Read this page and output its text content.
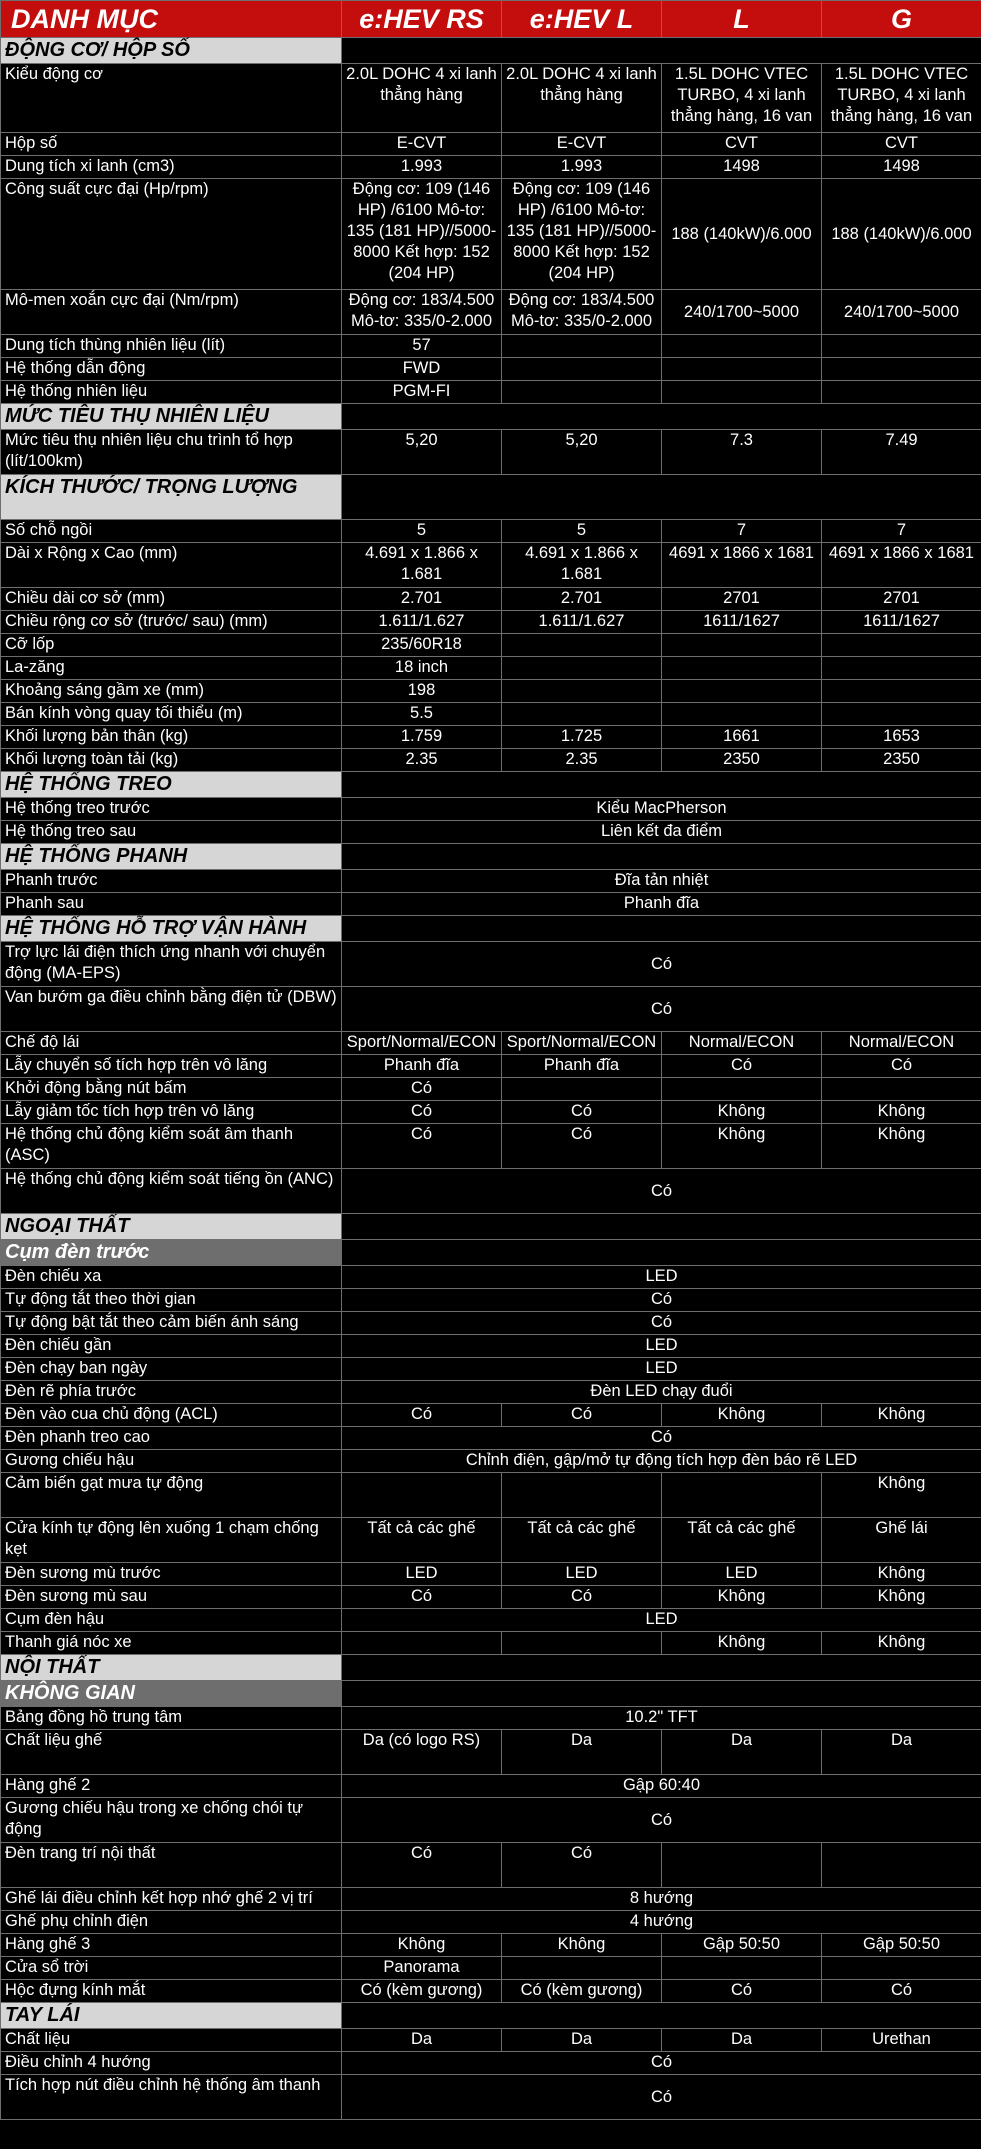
DANH MỤC	e:HEV RS	e:HEV L	L	G
ĐỘNG CƠ/ HỘP SỐ				
Kiểu động cơ	2.0L DOHC 4 xi lanh thẳng hàng	2.0L DOHC 4 xi lanh thẳng hàng	1.5L DOHC VTEC TURBO, 4 xi lanh thẳng hàng, 16 van	1.5L DOHC VTEC TURBO, 4 xi lanh thẳng hàng, 16 van
Hộp số	E-CVT	E-CVT	CVT	CVT
Dung tích xi lanh (cm3)	1.993	1.993	1498	1498
Công suất cực đại (Hp/rpm)	Động cơ: 109 (146 HP) /6100 Mô-tơ: 135 (181 HP)//5000-8000 Kết hợp: 152 (204 HP)	Động cơ: 109 (146 HP) /6100 Mô-tơ: 135 (181 HP)//5000-8000 Kết hợp: 152 (204 HP)	188 (140kW)/6.000	188 (140kW)/6.000
Mô-men xoắn cực đại (Nm/rpm)	Động cơ: 183/4.500 Mô-tơ: 335/0-2.000	Động cơ: 183/4.500 Mô-tơ: 335/0-2.000	240/1700~5000	240/1700~5000
Dung tích thùng nhiên liệu (lít)	57			
Hệ thống dẫn động	FWD			
Hệ thống nhiên liệu	PGM-FI			
MỨC TIÊU THỤ NHIÊN LIỆU				
Mức tiêu thụ nhiên liệu chu trình tổ hợp (lít/100km)	5,20	5,20	7.3	7.49
KÍCH THƯỚC/ TRỌNG LƯỢNG				
Số chỗ ngồi	5	5	7	7
Dài x Rộng x Cao (mm)	4.691 x 1.866 x 1.681	4.691 x 1.866 x 1.681	4691 x 1866 x 1681	4691 x 1866 x 1681
Chiều dài cơ sở (mm)	2.701	2.701	2701	2701
Chiều rộng cơ sở (trước/ sau) (mm)	1.611/1.627	1.611/1.627	1611/1627	1611/1627
Cỡ lốp	235/60R18			
La-zăng	18 inch			
Khoảng sáng gầm xe (mm)	198			
Bán kính vòng quay tối thiểu (m)	5.5			
Khối lượng bản thân (kg)	1.759	1.725	1661	1653
Khối lượng toàn tải (kg)	2.35	2.35	2350	2350
HỆ THỐNG TREO				
Hệ thống treo trước	Kiểu MacPherson			
Hệ thống treo sau	Liên kết đa điểm			
HỆ THỐNG PHANH				
Phanh trước	Đĩa tản nhiệt			
Phanh sau	Phanh đĩa			
HỆ THỐNG HỖ TRỢ VẬN HÀNH				
Trợ lực lái điện thích ứng nhanh với chuyển động (MA-EPS)	Có			
Van bướm ga điều chỉnh bằng điện tử (DBW)	Có			
Chế độ lái	Sport/Normal/ECON	Sport/Normal/ECON	Normal/ECON	Normal/ECON
Lẫy chuyển số tích hợp trên vô lăng	Phanh đĩa	Phanh đĩa	Có	Có
Khởi động bằng nút bấm	Có			
Lẫy giảm tốc tích hợp trên vô lăng	Có	Có	Không	Không
Hệ thống chủ động kiểm soát âm thanh (ASC)	Có	Có	Không	Không
Hệ thống chủ động kiểm soát tiếng ồn (ANC)	Có			
NGOẠI THẤT				
Cụm đèn trước				
Đèn chiếu xa	LED			
Tự động tắt theo thời gian	Có			
Tự động bật tắt theo cảm biến ánh sáng	Có			
Đèn chiếu gần	LED			
Đèn chạy ban ngày	LED			
Đèn rẽ phía trước	Đèn LED chạy đuổi			
Đèn vào cua chủ động (ACL)	Có	Có	Không	Không
Đèn phanh treo cao	Có			
Gương chiếu hậu	Chỉnh điện, gập/mở tự động tích hợp đèn báo rẽ LED			
Cảm biến gạt mưa tự động				Không
Cửa kính tự động lên xuống 1 chạm chống kẹt	Tất cả các ghế	Tất cả các ghế	Tất cả các ghế	Ghế lái
Đèn sương mù trước	LED	LED	LED	Không
Đèn sương mù sau	Có	Có	Không	Không
Cụm đèn hậu	LED			
Thanh giá nóc xe			Không	Không
NỘI THẤT				
KHÔNG GIAN				
Bảng đồng hồ trung tâm	10.2" TFT			
Chất liệu ghế	Da (có logo RS)	Da	Da	Da
Hàng ghế 2	Gập 60:40			
Gương chiếu hậu trong xe chống chói tự động	Có			
Đèn trang trí nội thất	Có	Có		
Ghế lái điều chỉnh kết hợp nhớ ghế 2 vị trí	8 hướng			
Ghế phụ chỉnh điện	4 hướng			
Hàng ghế 3	Không	Không	Gập 50:50	Gập 50:50
Cửa sổ trời	Panorama			
Hộc đựng kính mắt	Có (kèm gương)	Có (kèm gương)	Có	Có
TAY LÁI				
Chất liệu	Da	Da	Da	Urethan
Điều chỉnh 4 hướng	Có			
Tích hợp nút điều chỉnh hệ thống âm thanh	Có			
